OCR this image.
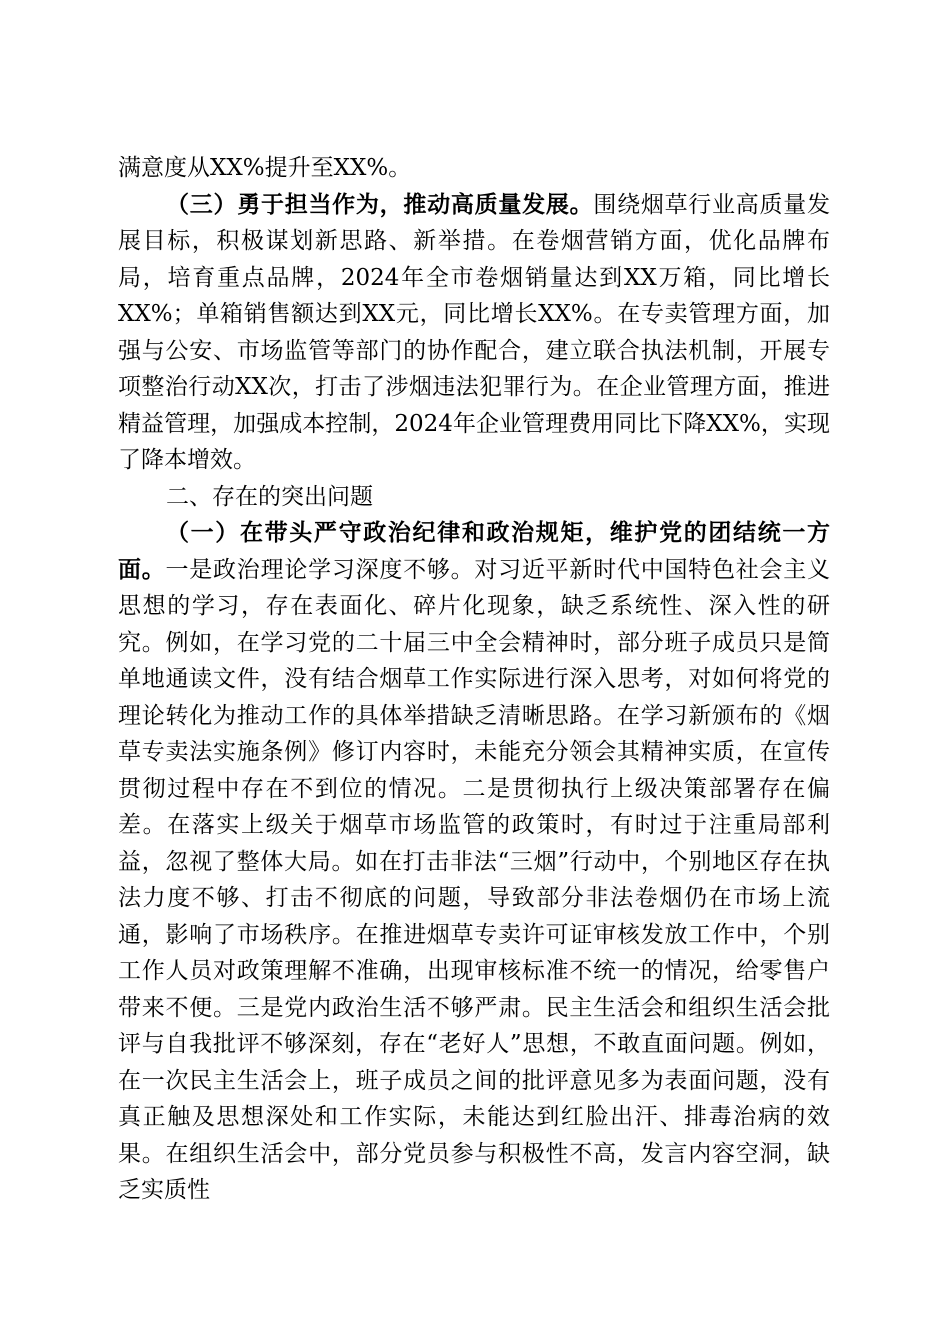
满意度从XX%提升至XX%。

（三）勇于担当作为，推动高质量发展。围绕烟草行业高质量发展目标，积极谋划新思路、新举措。在卷烟营销方面，优化品牌布局，培育重点品牌，2024年全市卷烟销量达到XX万箱，同比增长XX%；单箱销售额达到XX元，同比增长XX%。在专卖管理方面，加强与公安、市场监管等部门的协作配合，建立联合执法机制，开展专项整治行动XX次，打击了涉烟违法犯罪行为。在企业管理方面，推进精益管理，加强成本控制，2024年企业管理费用同比下降XX%，实现了降本增效。

二、存在的突出问题

（一）在带头严守政治纪律和政治规矩，维护党的团结统一方面。一是政治理论学习深度不够。对习近平新时代中国特色社会主义思想的学习，存在表面化、碎片化现象，缺乏系统性、深入性的研究。例如，在学习党的二十届三中全会精神时，部分班子成员只是简单地通读文件，没有结合烟草工作实际进行深入思考，对如何将党的理论转化为推动工作的具体举措缺乏清晰思路。在学习新颁布的《烟草专卖法实施条例》修订内容时，未能充分领会其精神实质，在宣传贯彻过程中存在不到位的情况。二是贯彻执行上级决策部署存在偏差。在落实上级关于烟草市场监管的政策时，有时过于注重局部利益，忽视了整体大局。如在打击非法“三烟”行动中，个别地区存在执法力度不够、打击不彻底的问题，导致部分非法卷烟仍在市场上流通，影响了市场秩序。在推进烟草专卖许可证审核发放工作中，个别工作人员对政策理解不准确，出现审核标准不统一的情况，给零售户带来不便。三是党内政治生活不够严肃。民主生活会和组织生活会批评与自我批评不够深刻，存在“老好人”思想，不敢直面问题。例如，在一次民主生活会上，班子成员之间的批评意见多为表面问题，没有真正触及思想深处和工作实际，未能达到红脸出汗、排毒治病的效果。在组织生活会中，部分党员参与积极性不高，发言内容空洞，缺乏实质性
